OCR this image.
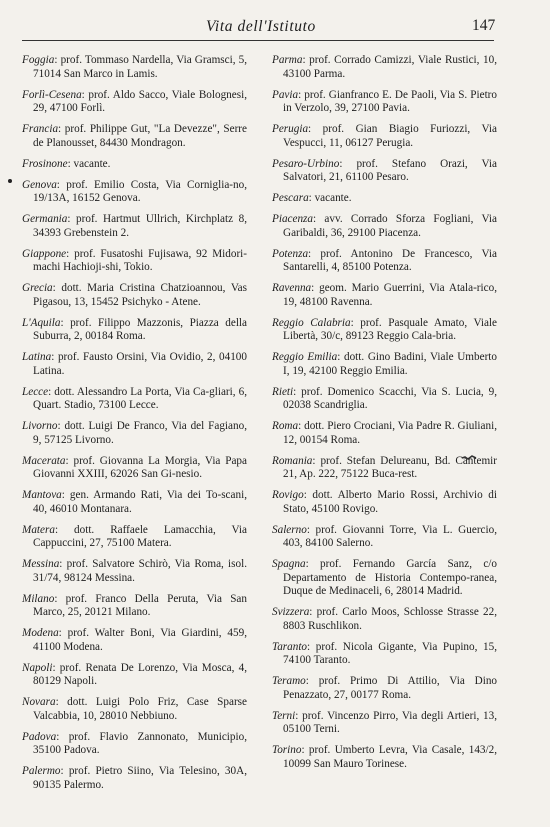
Vita dell'Istituto	147

Foggia: prof. Tommaso Nardella, Via Gramsci, 5, 71014 San Marco in Lamis.

Forlì-Cesena: prof. Aldo Sacco, Viale Bolognesi, 29, 47100 Forlì.

Francia: prof. Philippe Gut, "La Devezze", Serre de Planousset, 84430 Mondragon.

Frosinone: vacante.

Genova: prof. Emilio Costa, Via Corniglia-no, 19/13A, 16152 Genova.

Germania: prof. Hartmut Ullrich, Kirchplatz 8, 34393 Grebenstein 2.

Giappone: prof. Fusatoshi Fujisawa, 92 Midori-machi Hachioji-shi, Tokio.

Grecia: dott. Maria Cristina Chatzioannou, Vas Pigasou, 13, 15452 Psichyko - Atene.

L'Aquila: prof. Filippo Mazzonis, Piazza della Suburra, 2, 00184 Roma.

Latina: prof. Fausto Orsini, Via Ovidio, 2, 04100 Latina.

Lecce: dott. Alessandro La Porta, Via Ca-gliari, 6, Quart. Stadio, 73100 Lecce.

Livorno: dott. Luigi De Franco, Via del Fagiano, 9, 57125 Livorno.

Macerata: prof. Giovanna La Morgia, Via Papa Giovanni XXIII, 62026 San Gi-nesio.

Mantova: gen. Armando Rati, Via dei To-scani, 40, 46010 Montanara.

Matera: dott. Raffaele Lamacchia, Via Cappuccini, 27, 75100 Matera.

Messina: prof. Salvatore Schirò, Via Roma, isol. 31/74, 98124 Messina.

Milano: prof. Franco Della Peruta, Via San Marco, 25, 20121 Milano.

Modena: prof. Walter Boni, Via Giardini, 459, 41100 Modena.

Napoli: prof. Renata De Lorenzo, Via Mosca, 4, 80129 Napoli.

Novara: dott. Luigi Polo Friz, Case Sparse Valcabbia, 10, 28010 Nebbiuno.

Padova: prof. Flavio Zannonato, Municipio, 35100 Padova.

Palermo: prof. Pietro Siino, Via Telesino, 30A, 90135 Palermo.

Parma: prof. Corrado Camizzi, Viale Rustici, 10, 43100 Parma.

Pavia: prof. Gianfranco E. De Paoli, Via S. Pietro in Verzolo, 39, 27100 Pavia.

Perugia: prof. Gian Biagio Furiozzi, Via Vespucci, 11, 06127 Perugia.

Pesaro-Urbino: prof. Stefano Orazi, Via Salvatori, 21, 61100 Pesaro.

Pescara: vacante.

Piacenza: avv. Corrado Sforza Fogliani, Via Garibaldi, 36, 29100 Piacenza.

Potenza: prof. Antonino De Francesco, Via Santarelli, 4, 85100 Potenza.

Ravenna: geom. Mario Guerrini, Via Atala-rico, 19, 48100 Ravenna.

Reggio Calabria: prof. Pasquale Amato, Viale Libertà, 30/c, 89123 Reggio Cala-bria.

Reggio Emilia: dott. Gino Badini, Viale Umberto I, 19, 42100 Reggio Emilia.

Rieti: prof. Domenico Scacchi, Via S. Lucia, 9, 02038 Scandriglia.

Roma: dott. Piero Crociani, Via Padre R. Giuliani, 12, 00154 Roma.

Romania: prof. Stefan Delureanu, Bd. Cantemir 21, Ap. 222, 75122 Buca-rest.

Rovigo: dott. Alberto Mario Rossi, Archivio di Stato, 45100 Rovigo.

Salerno: prof. Giovanni Torre, Via L. Guercio, 403, 84100 Salerno.

Spagna: prof. Fernando García Sanz, c/o Departamento de Historia Contempo-ranea, Duque de Medinaceli, 6, 28014 Madrid.

Svizzera: prof. Carlo Moos, Schlosse Strasse 22, 8803 Ruschlikon.

Taranto: prof. Nicola Gigante, Via Pupino, 15, 74100 Taranto.

Teramo: prof. Primo Di Attilio, Via Dino Penazzato, 27, 00177 Roma.

Terni: prof. Vincenzo Pirro, Via degli Artieri, 13, 05100 Terni.

Torino: prof. Umberto Levra, Via Casale, 143/2, 10099 San Mauro Torinese.
